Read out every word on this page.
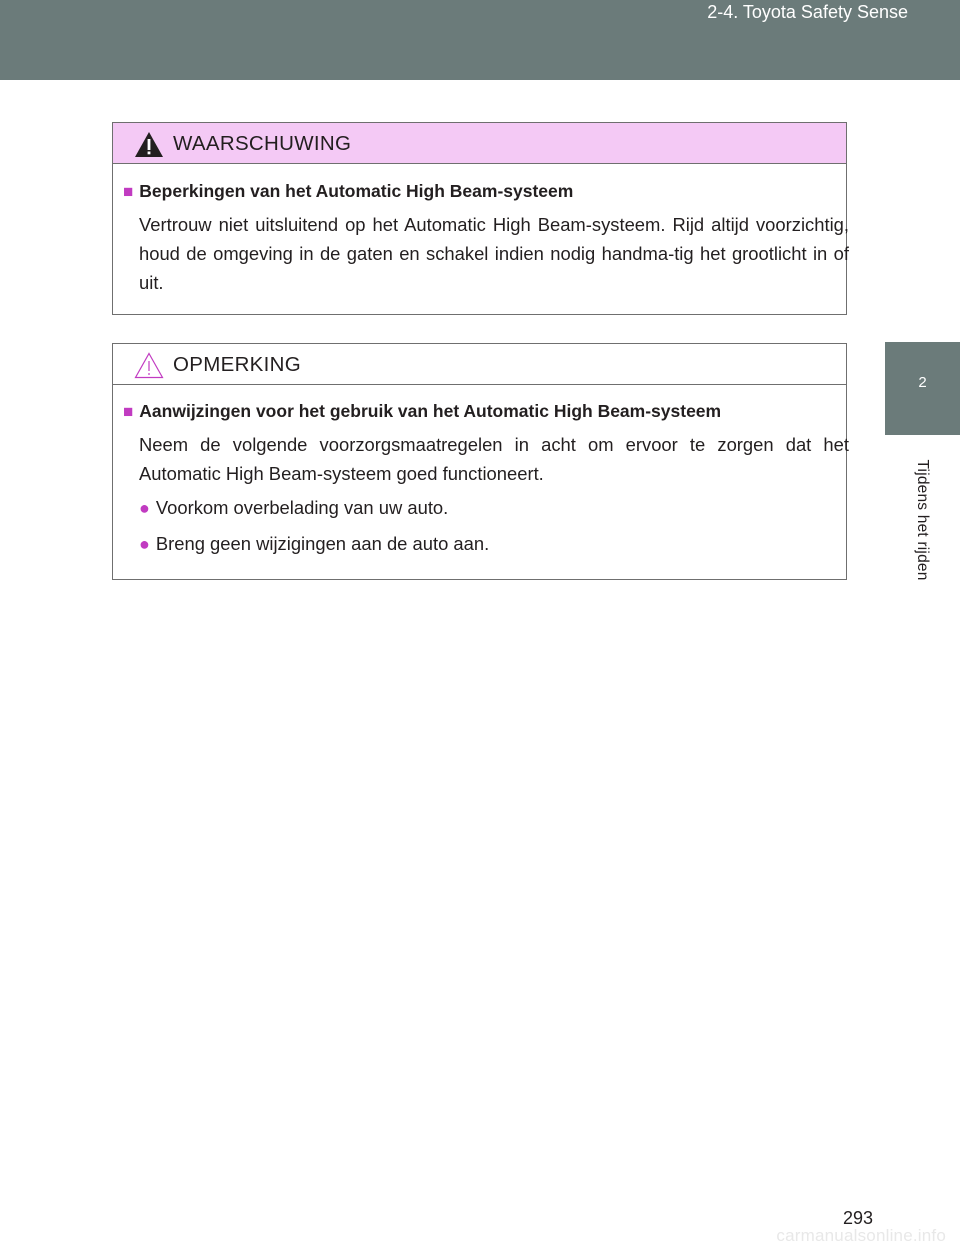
2-4. Toyota Safety Sense
2
Tijdens het rijden
WAARSCHUWING
■ Beperkingen van het Automatic High Beam-systeem
Vertrouw niet uitsluitend op het Automatic High Beam-systeem. Rijd altijd voorzichtig, houd de omgeving in de gaten en schakel indien nodig handma-tig het grootlicht in of uit.
OPMERKING
■ Aanwijzingen voor het gebruik van het Automatic High Beam-systeem
Neem de volgende voorzorgsmaatregelen in acht om ervoor te zorgen dat het Automatic High Beam-systeem goed functioneert.
● Voorkom overbelading van uw auto.
● Breng geen wijzigingen aan de auto aan.
293
carmanualsonline.info
